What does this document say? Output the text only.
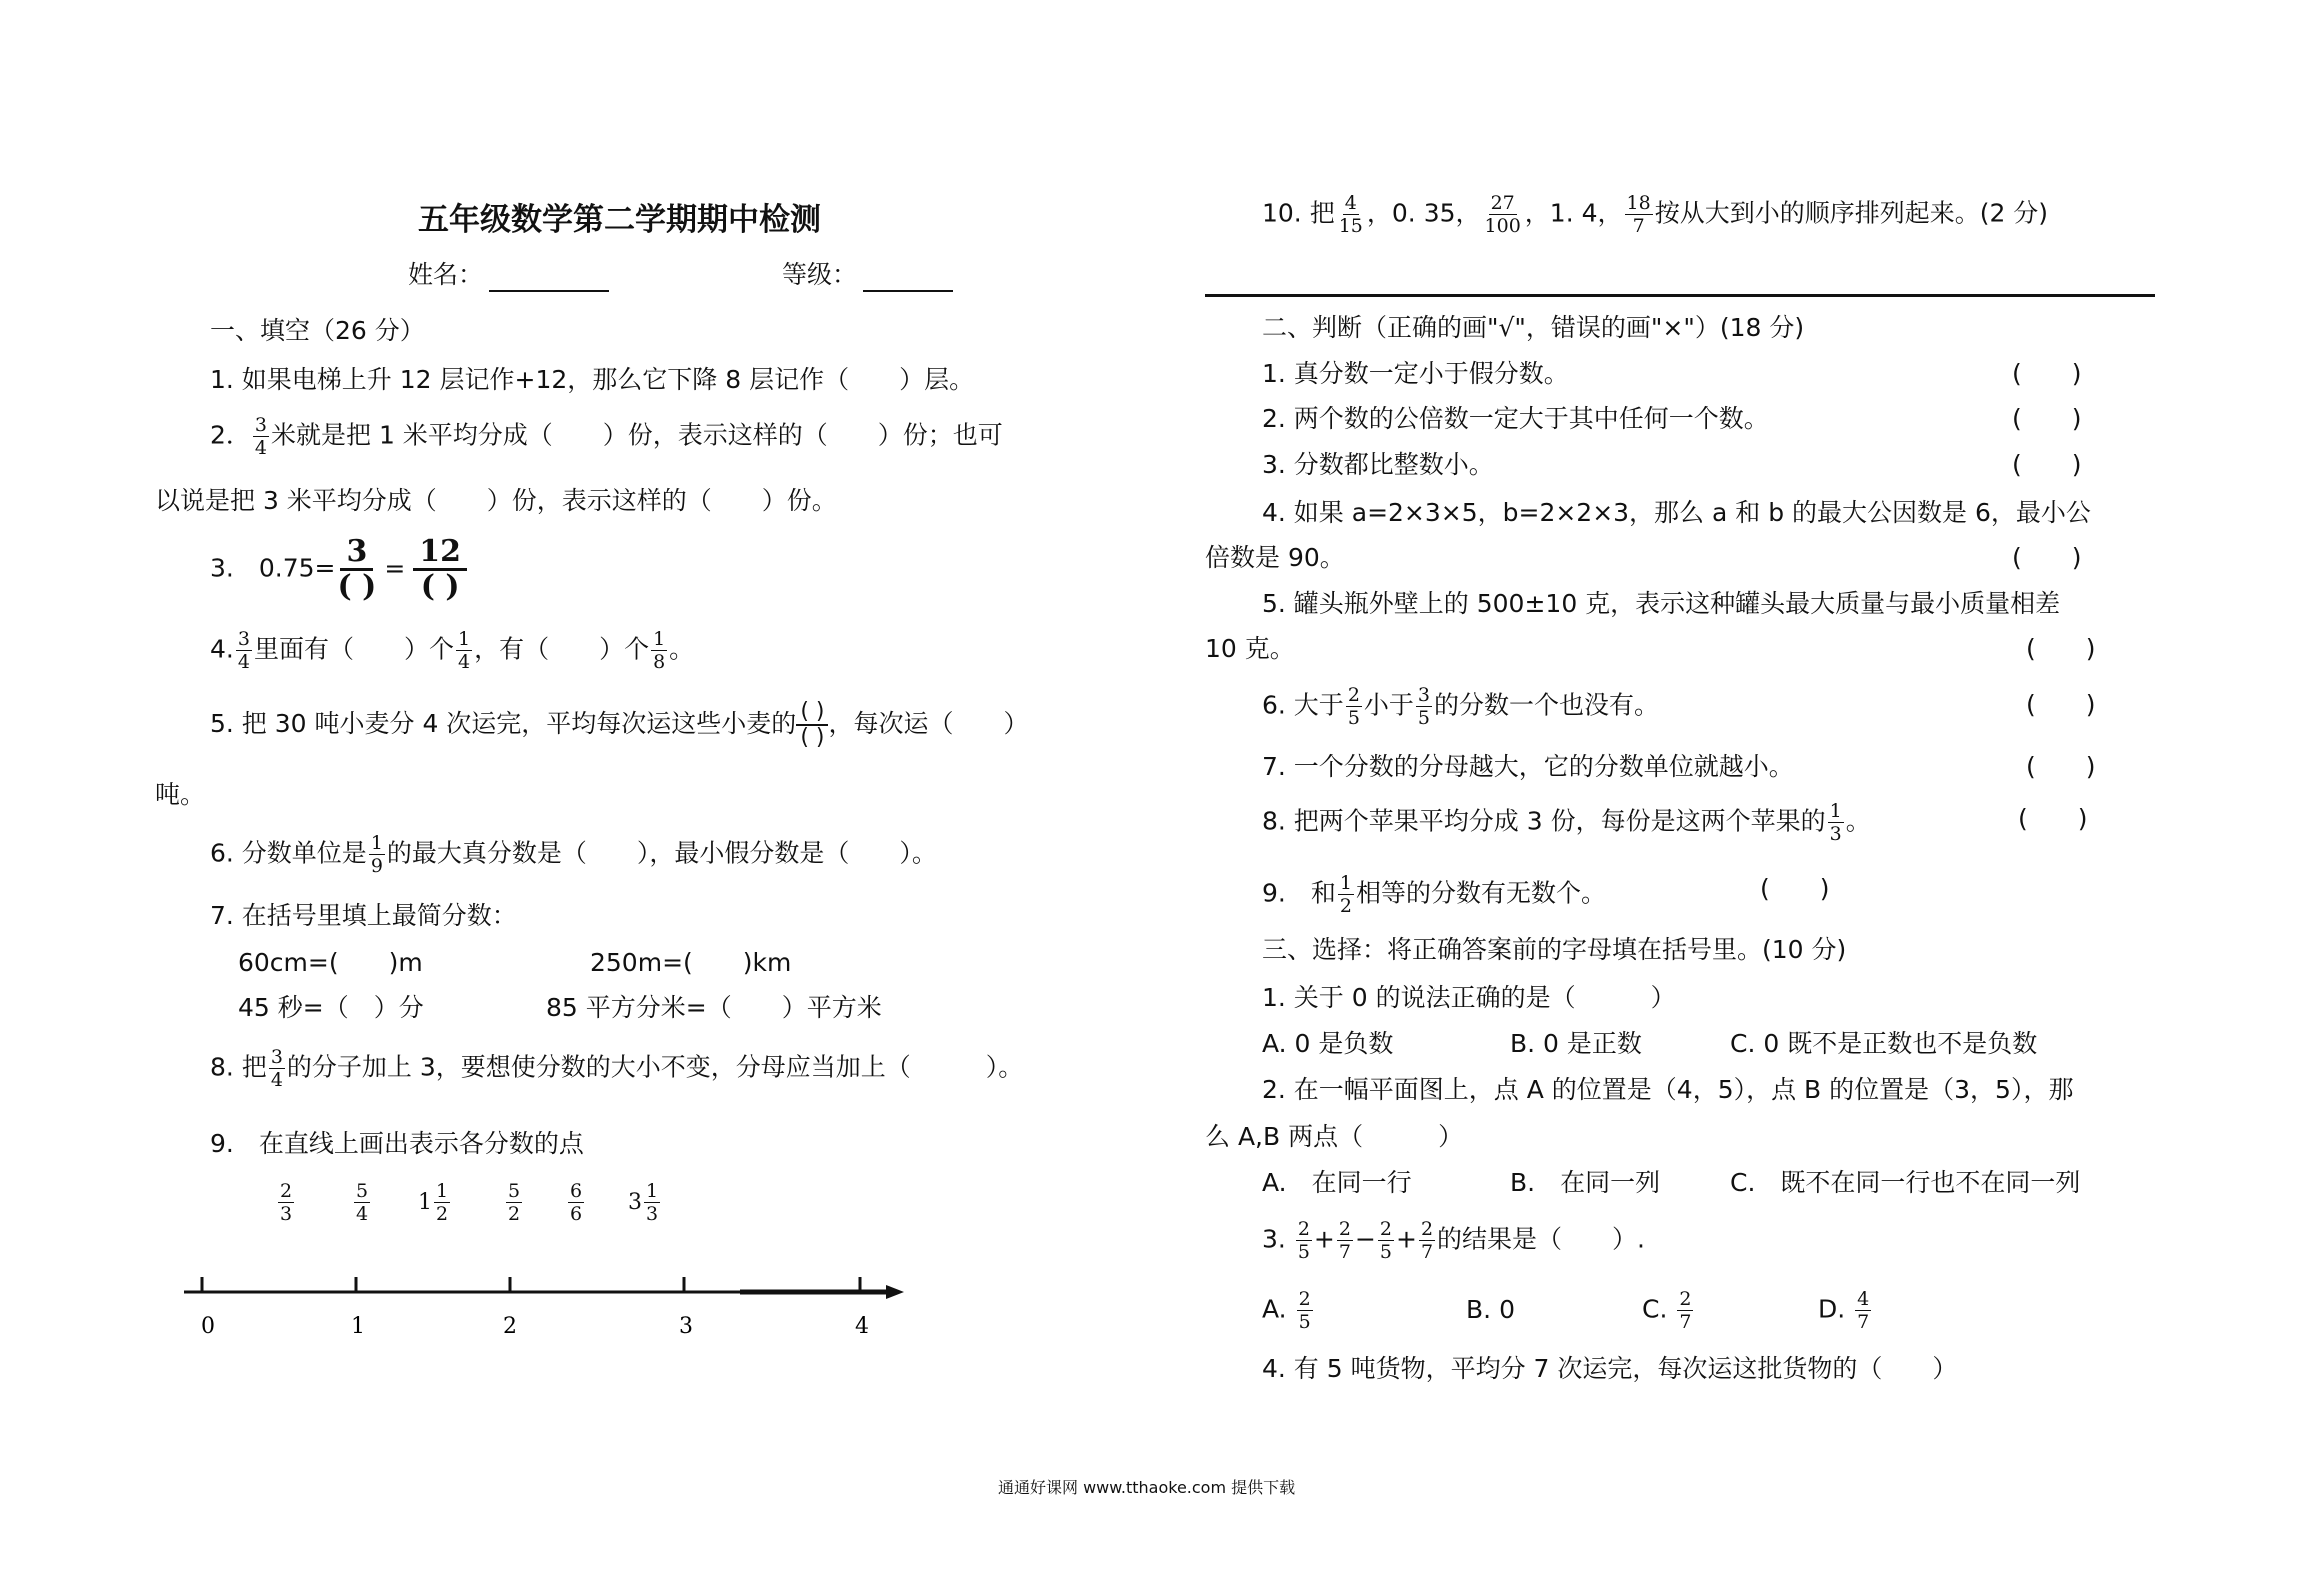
五年级数学第二学期期中检测
姓名：	等级：
一、填空（26 分）
1. 如果电梯上升 12 层记作+12，那么它下降 8 层记作（　　）层。
2． $\frac{3}{4}$ 米就是把 1 米平均分成（　　）份，表示这样的（　　）份；也可
以说是把 3 米平均分成（　　）份，表示这样的（　　）份。
3.　0.75= 3
( )
= 12
( )
4. $\frac{3}{4}$ 里面有（　　）个 $\frac{1}{4}$ ，有（　　）个 $\frac{1}{8}$ 。
5. 把 30 吨小麦分 4 次运完，平均每次运这些小麦的 ( )
( ) ，每次运（　　）
吨。
6. 分数单位是 $\frac{1}{9}$ 的最大真分数是（　　），最小假分数是（　　）。
7. 在括号里填上最简分数：
60cm=(　　)m	250m=(　　)km
45 秒=（　）分	85 平方分米=（　　）平方米
8. 把 $\frac{3}{4}$ 的分子加上 3，要想使分数的大小不变，分母应当加上（　　　）。
9.　在直线上画出表示各分数的点
$\frac{2}{3}$	$\frac{5}{4} 1 \frac{1}{2}$	$\frac{5}{2} \frac{6}{6} 3 \frac{1}{3}$
0	1	2	3	4
10. 把 $\frac{4}{15}$ ，0. 35， $\frac{27}{100}$ ，1. 4， $\frac{18}{7}$ 按从大到小的顺序排列起来。(2 分)
二、判断（正确的画"√"，错误的画"×"）(18 分)
1. 真分数一定小于假分数。	(　　)
2. 两个数的公倍数一定大于其中任何一个数。	(　　)
3. 分数都比整数小。	(　　)
4. 如果 a=2×3×5，b=2×2×3，那么 a 和 b 的最大公因数是 6，最小公
倍数是 90。	(　　)
5. 罐头瓶外壁上的 500±10 克，表示这种罐头最大质量与最小质量相差
10 克。	(　　)
6. 大于 $\frac{2}{5}$ 小于 $\frac{3}{5}$ 的分数一个也没有。	(　　)
7. 一个分数的分母越大，它的分数单位就越小。	(　　)
8. 把两个苹果平均分成 3 份，每份是这两个苹果的 $\frac{1}{3}$ 。	(　　)
9.　和 $\frac{1}{2}$ 相等的分数有无数个。	(　　)
三、选择：将正确答案前的字母填在括号里。(10 分)
1. 关于 0 的说法正确的是（　　　）
A. 0 是负数	B. 0 是正数	C. 0 既不是正数也不是负数
2. 在一幅平面图上，点 A 的位置是（4，5），点 B 的位置是（3，5），那
么 A,B 两点（　　　）
A.　在同一行	B.　在同一列	C.　既不在同一行也不在同一列
3. $\frac{2}{5} + \frac{2}{7} - \frac{2}{5} + \frac{2}{7}$ 的结果是（　　）.
A. $\frac{2}{5}$	B. 0	C. $\frac{2}{7}$	D. $\frac{4}{7}$
4. 有 5 吨货物，平均分 7 次运完，每次运这批货物的（　　）
通通好课网 www.tthaoke.com 提供下载
